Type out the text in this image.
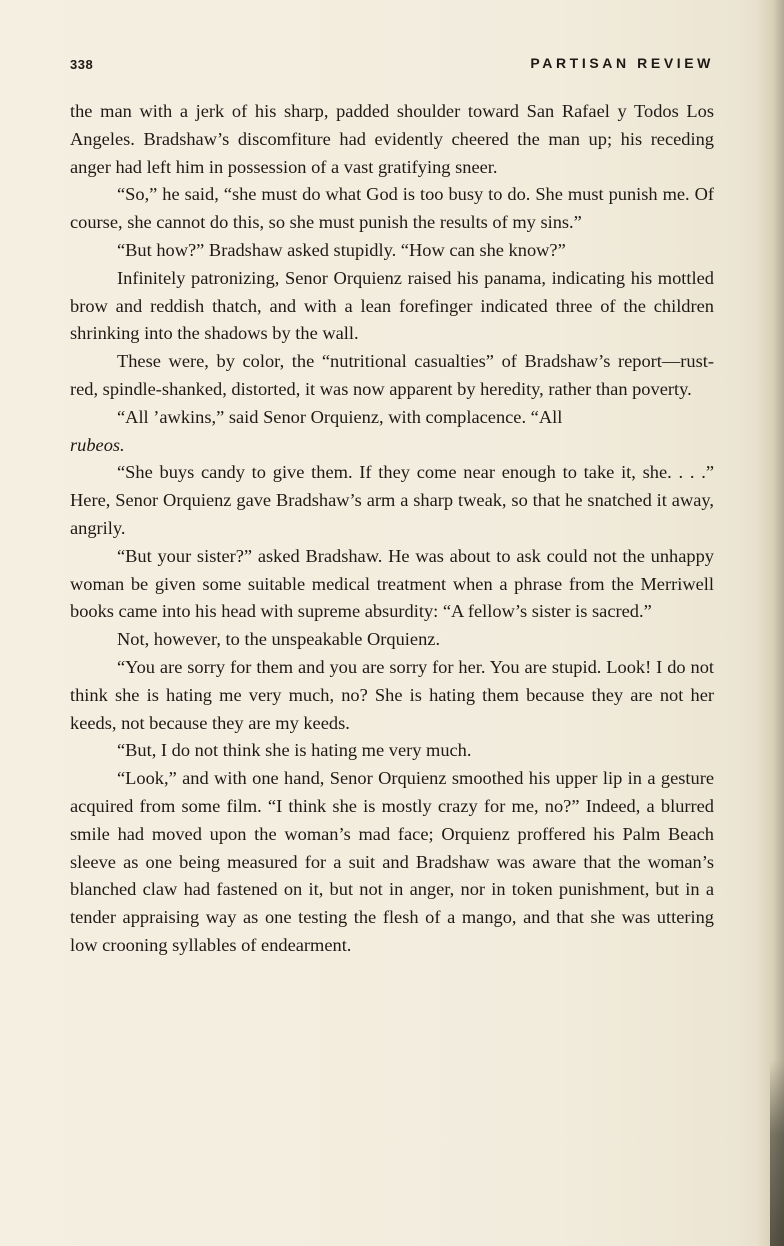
338	PARTISAN REVIEW

the man with a jerk of his sharp, padded shoulder toward San Rafael y Todos Los Angeles. Bradshaw’s discomfiture had evidently cheered the man up; his receding anger had left him in possession of a vast gratifying sneer.

“So,” he said, “she must do what God is too busy to do. She must punish me. Of course, she cannot do this, so she must punish the results of my sins.”

“But how?” Bradshaw asked stupidly. “How can she know?”

Infinitely patronizing, Senor Orquienz raised his panama, indicating his mottled brow and reddish thatch, and with a lean forefinger indicated three of the children shrinking into the shadows by the wall.

These were, by color, the “nutritional casualties” of Bradshaw’s report—rust-red, spindle-shanked, distorted, it was now apparent by heredity, rather than poverty.

“All ’awkins,” said Senor Orquienz, with complacence. “All
rubeos.

“She buys candy to give them. If they come near enough to take it, she. . . .” Here, Senor Orquienz gave Bradshaw’s arm a sharp tweak, so that he snatched it away, angrily.

“But your sister?” asked Bradshaw. He was about to ask could not the unhappy woman be given some suitable medical treatment when a phrase from the Merriwell books came into his head with supreme absurdity: “A fellow’s sister is sacred.”

Not, however, to the unspeakable Orquienz.

“You are sorry for them and you are sorry for her. You are stupid. Look! I do not think she is hating me very much, no? She is hating them because they are not her keeds, not because they are my keeds.

“But, I do not think she is hating me very much.

“Look,” and with one hand, Senor Orquienz smoothed his upper lip in a gesture acquired from some film. “I think she is mostly crazy for me, no?” Indeed, a blurred smile had moved upon the woman’s mad face; Orquienz proffered his Palm Beach sleeve as one being measured for a suit and Bradshaw was aware that the woman’s blanched claw had fastened on it, but not in anger, nor in token punishment, but in a tender appraising way as one testing the flesh of a mango, and that she was uttering low crooning syllables of endearment.
